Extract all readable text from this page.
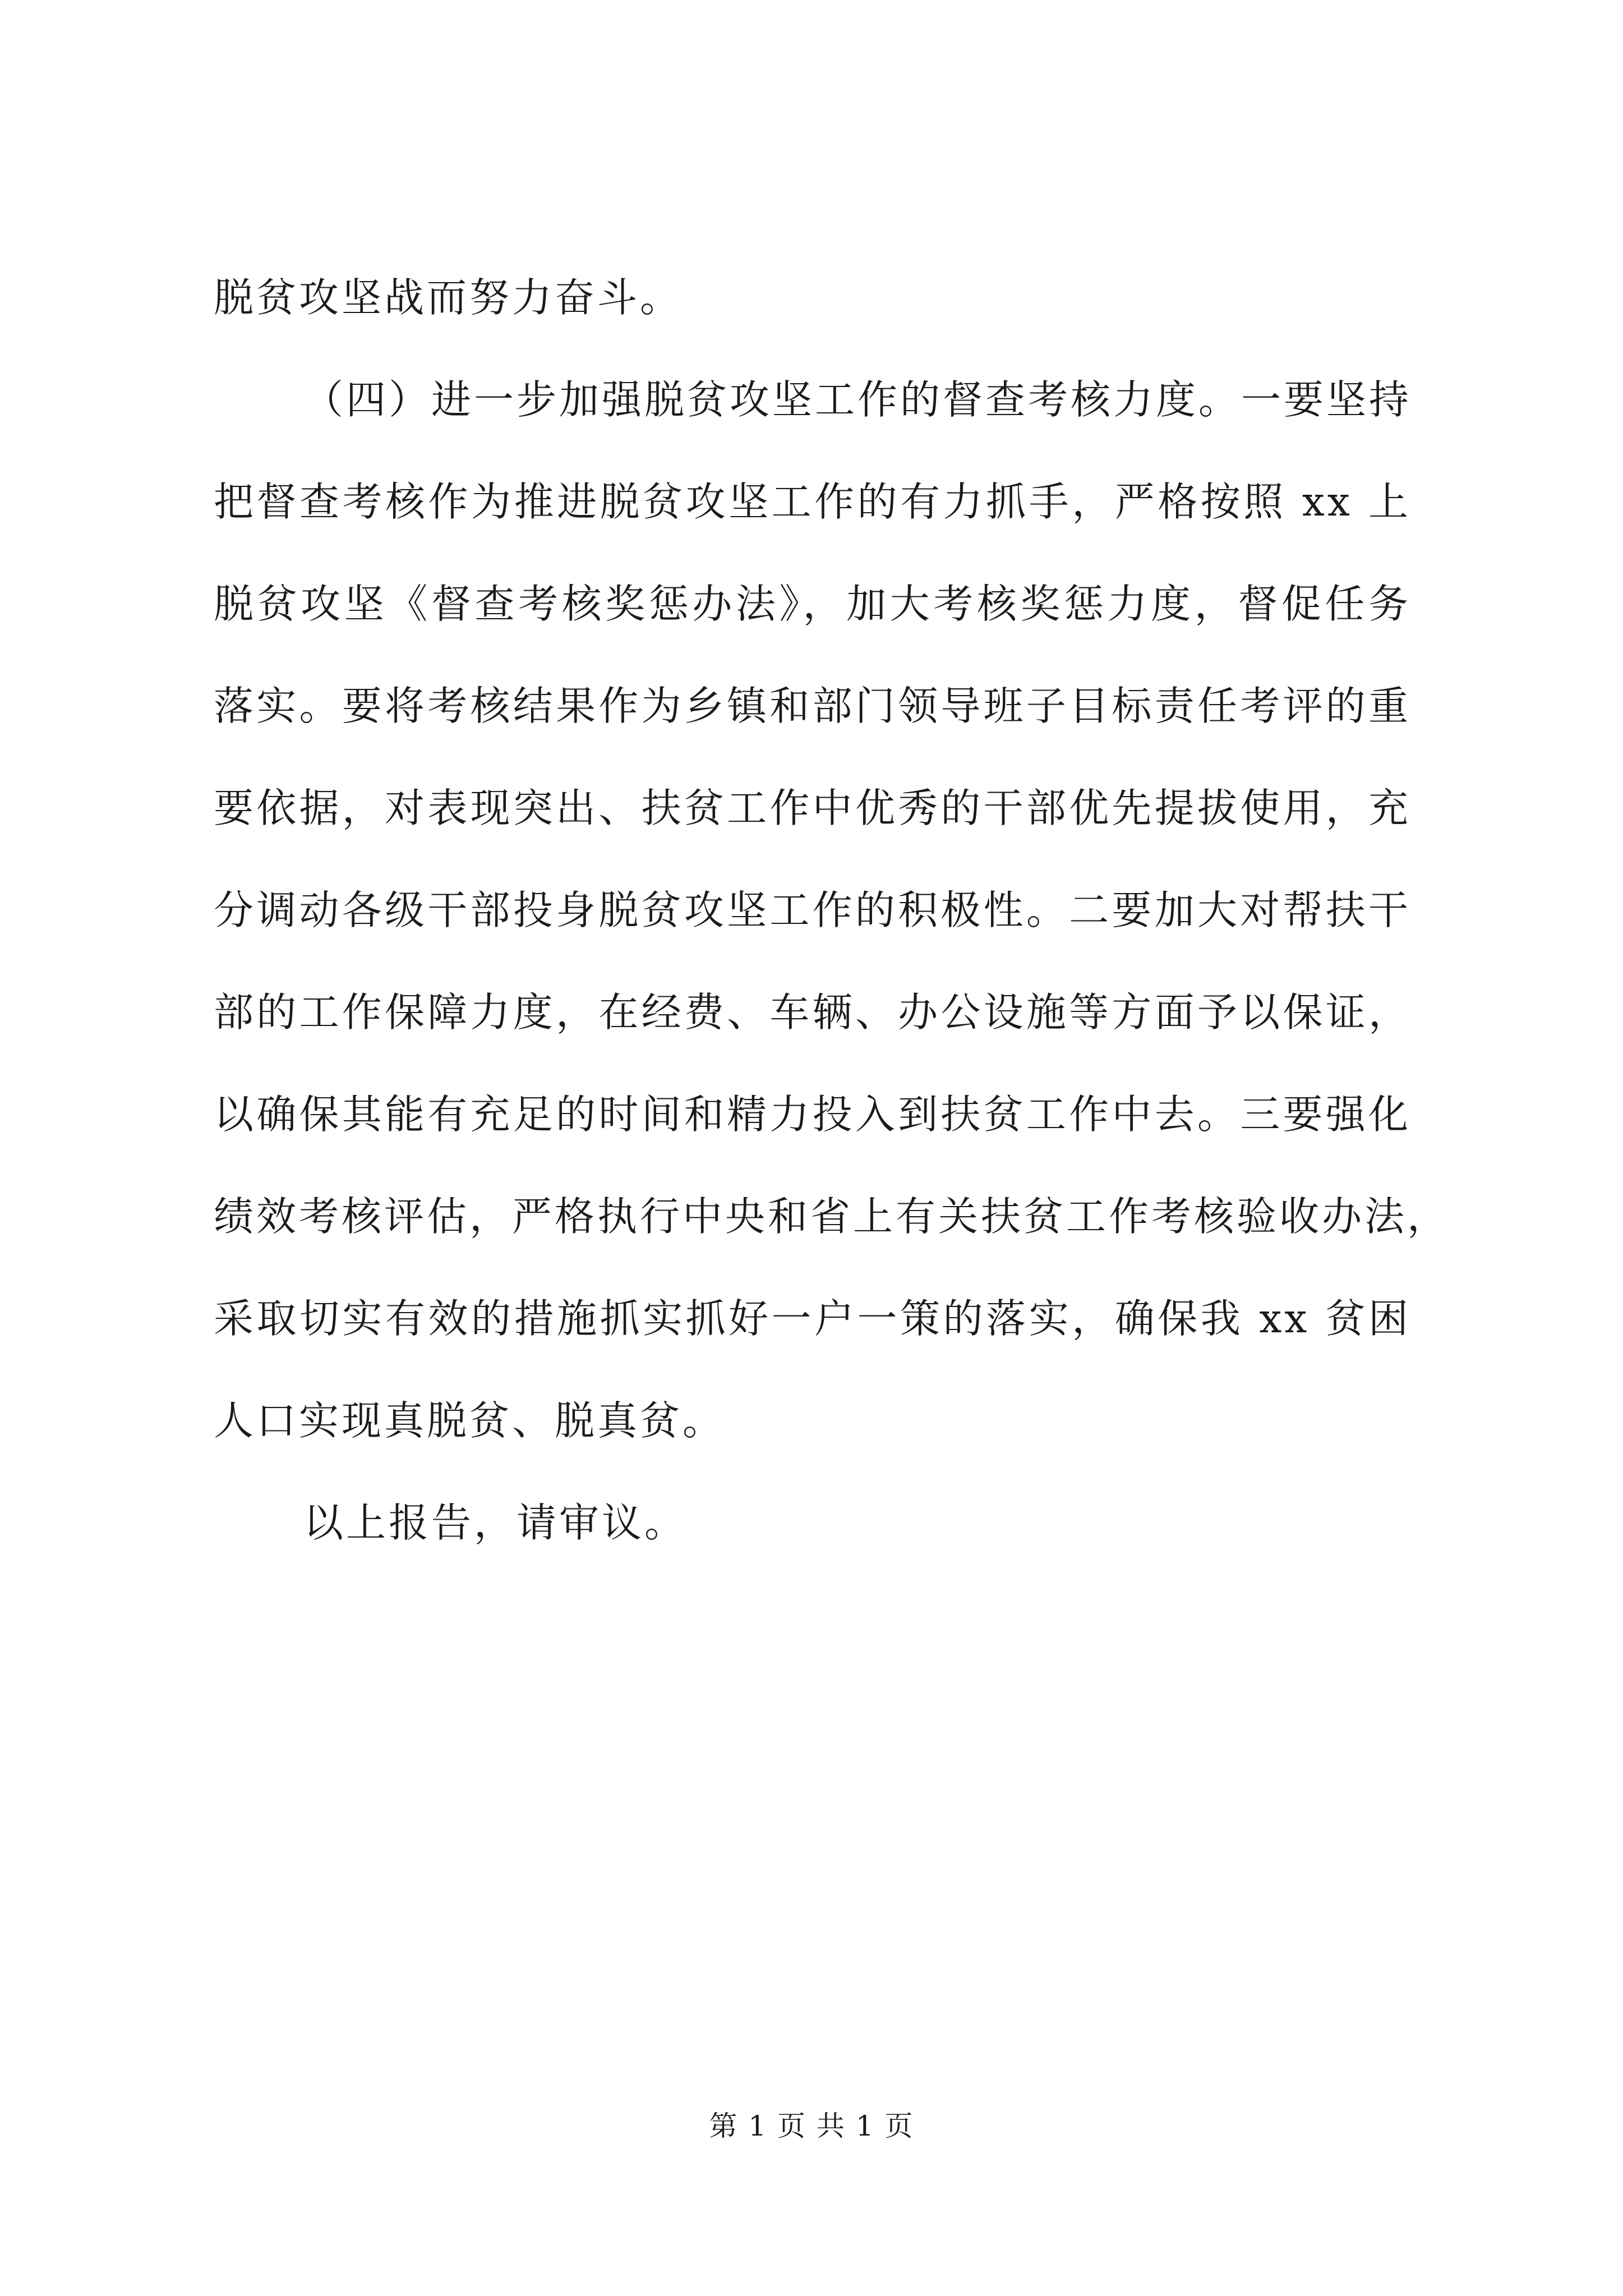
脱贫攻坚战而努力奋斗。
（四）进一步加强脱贫攻坚工作的督查考核力度。一要坚持
把督查考核作为推进脱贫攻坚工作的有力抓手，严格按照 xx 上
脱贫攻坚《督查考核奖惩办法》，加大考核奖惩力度，督促任务
落实。要将考核结果作为乡镇和部门领导班子目标责任考评的重
要依据，对表现突出、扶贫工作中优秀的干部优先提拔使用，充
分调动各级干部投身脱贫攻坚工作的积极性。二要加大对帮扶干
部的工作保障力度，在经费、车辆、办公设施等方面予以保证，
以确保其能有充足的时间和精力投入到扶贫工作中去。三要强化
绩效考核评估，严格执行中央和省上有关扶贫工作考核验收办法，
采取切实有效的措施抓实抓好一户一策的落实，确保我 xx 贫困
人口实现真脱贫、脱真贫。
以上报告，请审议。
第 1 页 共 1 页
